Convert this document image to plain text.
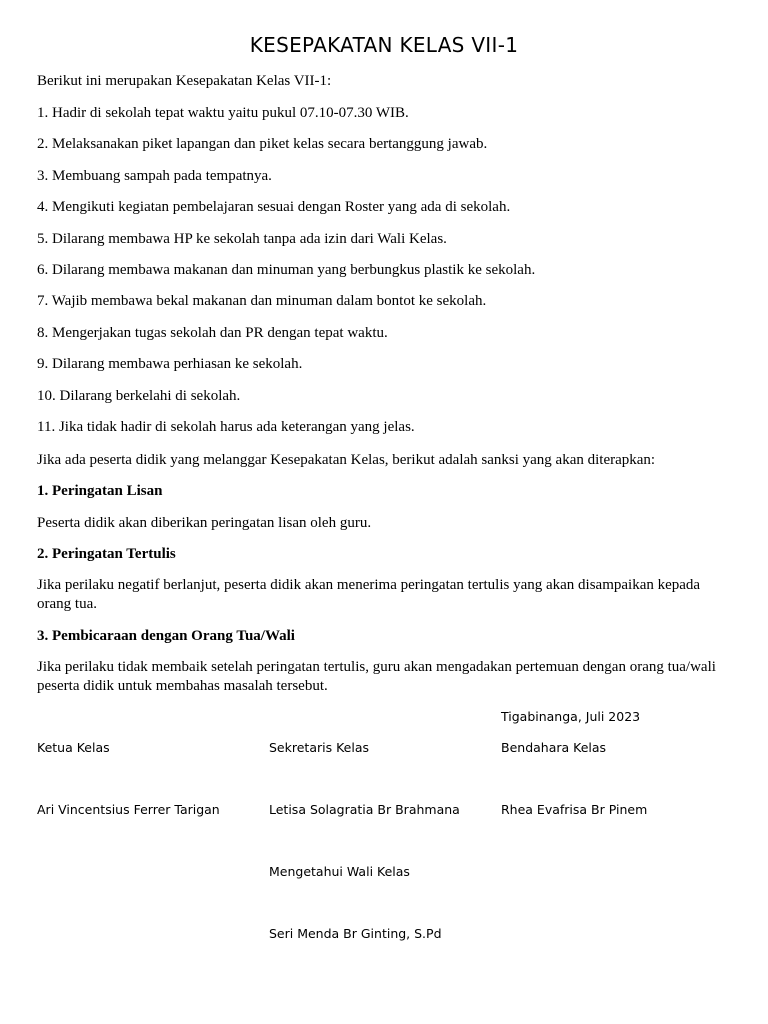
KESEPAKATAN KELAS VII-1
Berikut ini merupakan Kesepakatan Kelas VII-1:
1. Hadir di sekolah tepat waktu yaitu pukul 07.10-07.30 WIB.
2. Melaksanakan piket lapangan dan piket kelas secara bertanggung jawab.
3. Membuang sampah pada tempatnya.
4. Mengikuti kegiatan pembelajaran sesuai dengan Roster yang ada di sekolah.
5. Dilarang membawa HP ke sekolah tanpa ada izin dari Wali Kelas.
6. Dilarang membawa makanan dan minuman yang berbungkus plastik ke sekolah.
7. Wajib membawa bekal makanan dan minuman dalam bontot ke sekolah.
8. Mengerjakan tugas sekolah dan PR dengan tepat waktu.
9. Dilarang membawa perhiasan ke sekolah.
10. Dilarang berkelahi di sekolah.
11. Jika tidak hadir di sekolah harus ada keterangan yang jelas.
Jika ada peserta didik yang melanggar Kesepakatan Kelas, berikut adalah sanksi yang akan diterapkan:
1. Peringatan Lisan
Peserta didik akan diberikan peringatan lisan oleh guru.
2. Peringatan Tertulis
Jika perilaku negatif berlanjut, peserta didik akan menerima peringatan tertulis yang akan disampaikan kepada orang tua.
3. Pembicaraan dengan Orang Tua/Wali
Jika perilaku tidak membaik setelah peringatan tertulis, guru akan mengadakan pertemuan dengan orang tua/wali peserta didik untuk membahas masalah tersebut.
Tigabinanga, Juli 2023
Ketua Kelas	Sekretaris Kelas	Bendahara Kelas
Ari Vincentsius Ferrer Tarigan	Letisa Solagratia Br Brahmana	Rhea Evafrisa Br Pinem
Mengetahui Wali Kelas
Seri Menda Br Ginting, S.Pd
